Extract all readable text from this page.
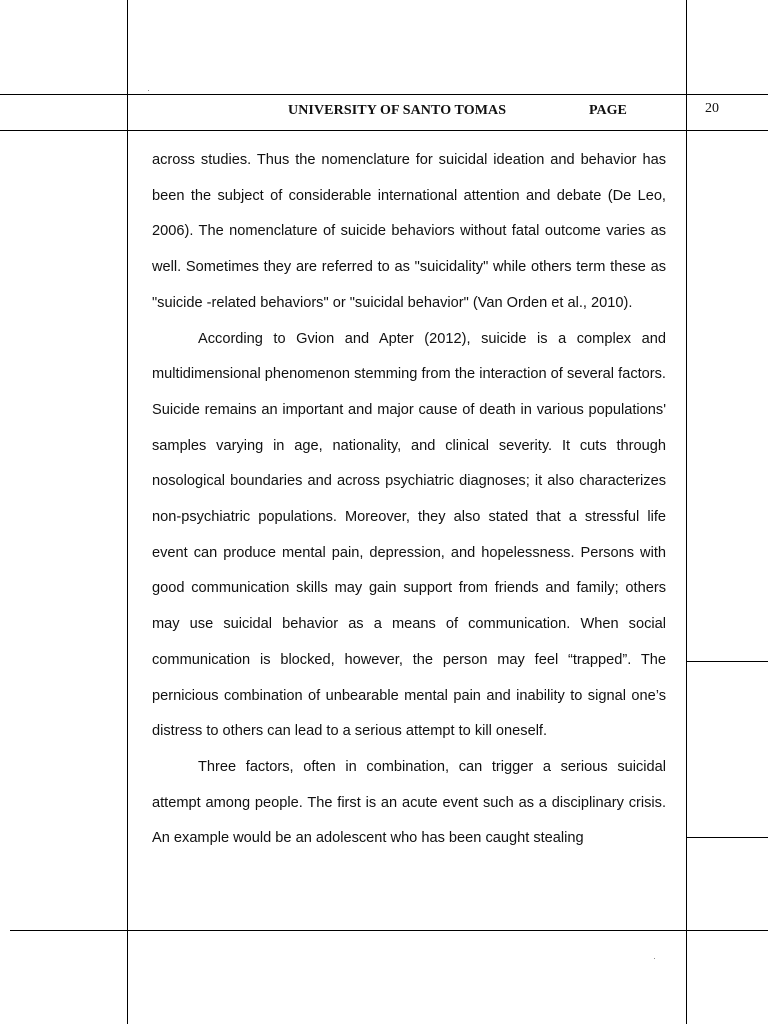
UNIVERSITY OF SANTO TOMAS	PAGE	20

across studies. Thus the nomenclature for suicidal ideation and behavior has been the subject of considerable international attention and debate (De Leo, 2006). The nomenclature of suicide behaviors without fatal outcome varies as well. Sometimes they are referred to as "suicidality" while others term these as "suicide -related behaviors" or "suicidal behavior" (Van Orden et al., 2010).

According to Gvion and Apter (2012), suicide is a complex and multidimensional phenomenon stemming from the interaction of several factors. Suicide remains an important and major cause of death in various populations' samples varying in age, nationality, and clinical severity. It cuts through nosological boundaries and across psychiatric diagnoses; it also characterizes non-psychiatric populations. Moreover, they also stated that a stressful life event can produce mental pain, depression, and hopelessness. Persons with good communication skills may gain support from friends and family; others may use suicidal behavior as a means of communication. When social communication is blocked, however, the person may feel “trapped”. The pernicious combination of unbearable mental pain and inability to signal one’s distress to others can lead to a serious attempt to kill oneself.

Three factors, often in combination, can trigger a serious suicidal attempt among people. The first is an acute event such as a disciplinary crisis. An example would be an adolescent who has been caught stealing
